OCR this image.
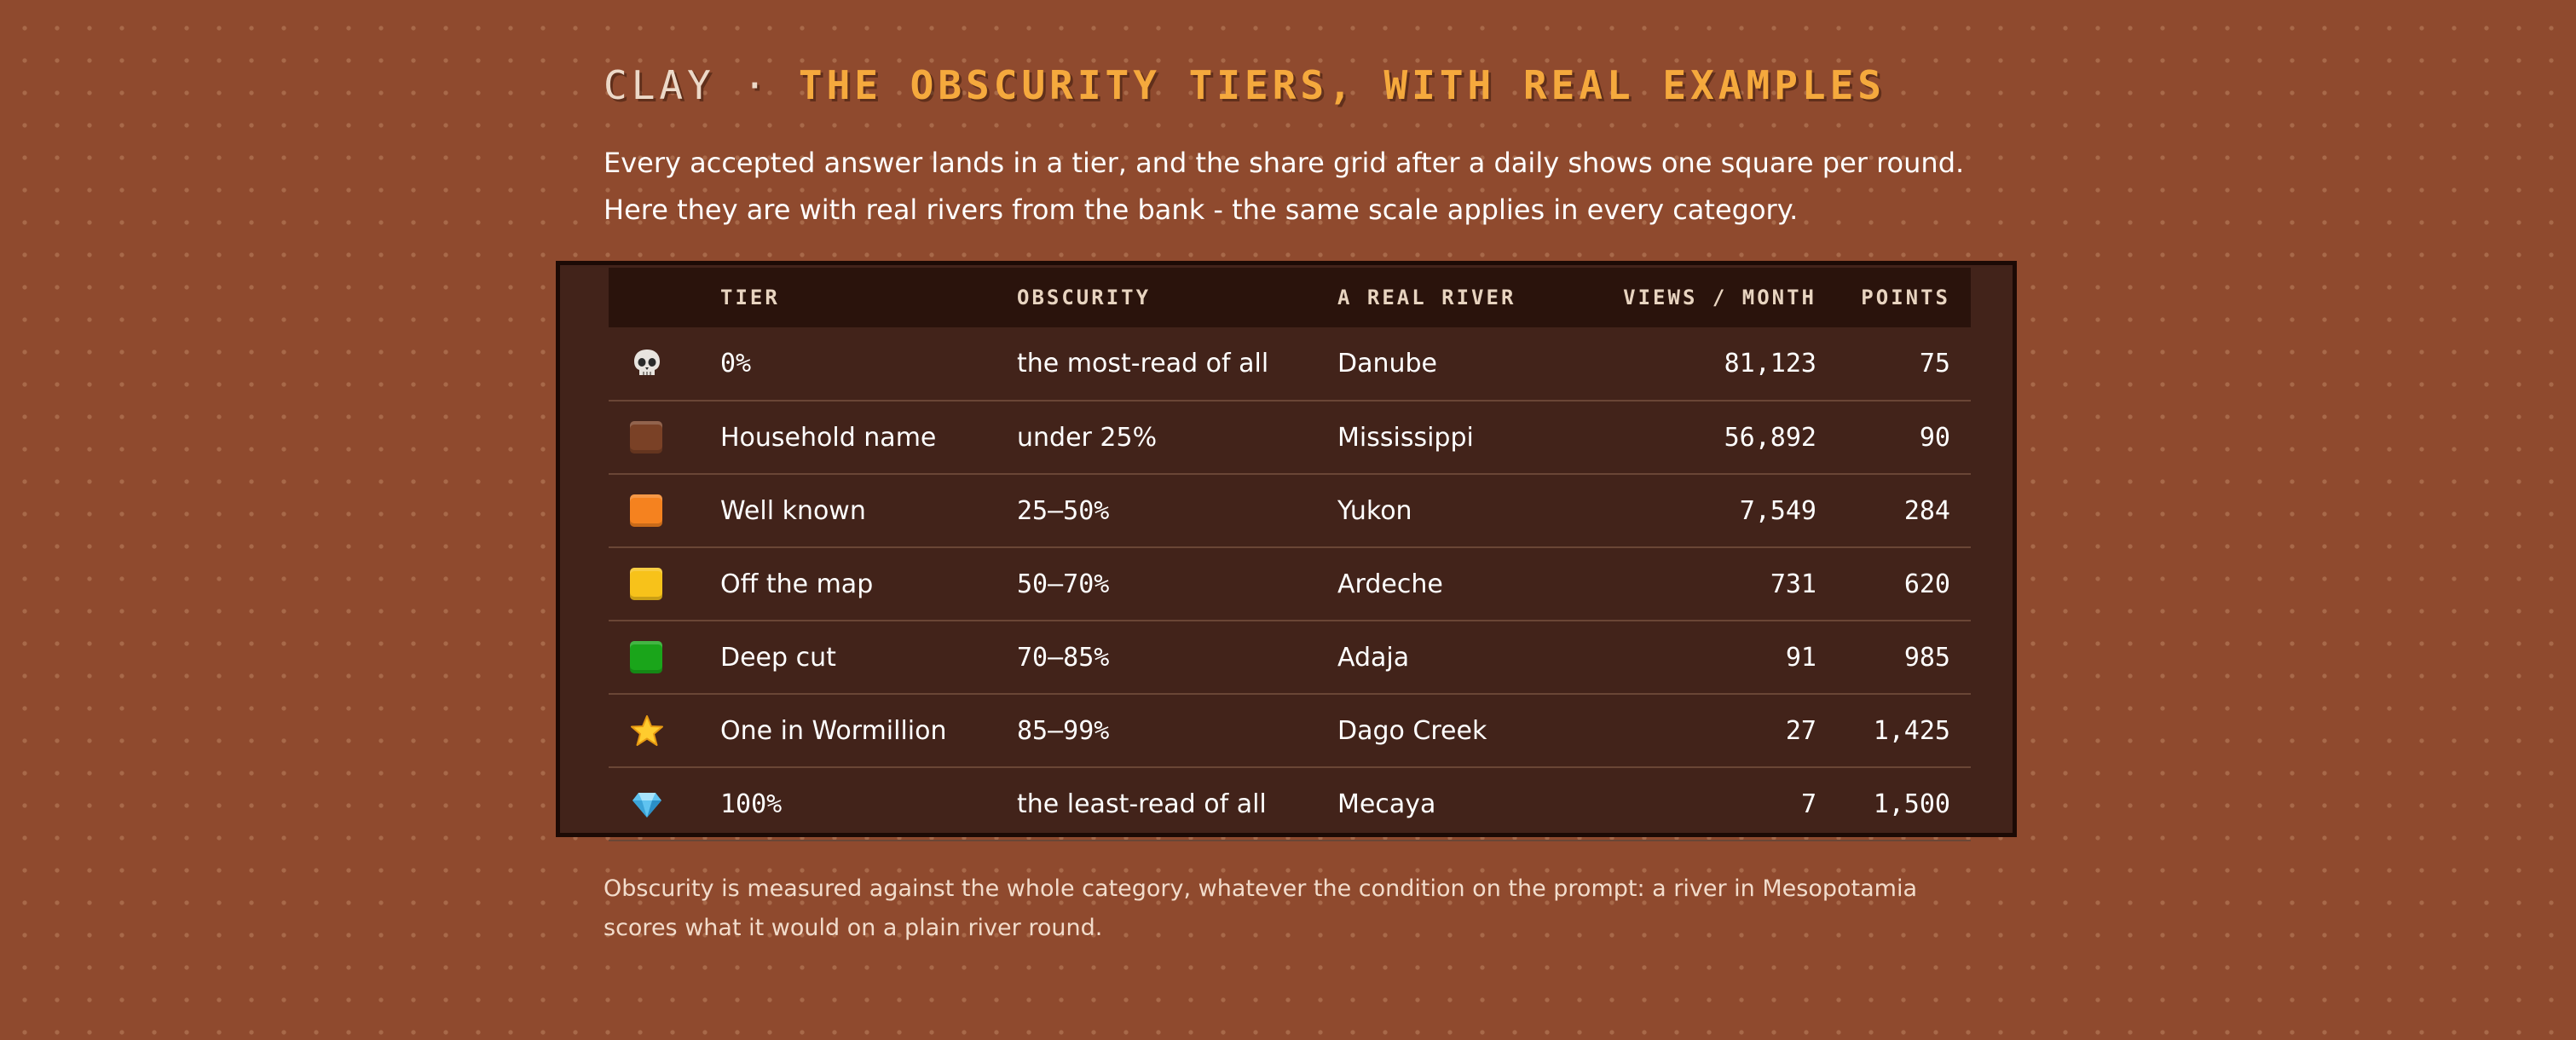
CLAY · THE OBSCURITY TIERS, WITH REAL EXAMPLES

Every accepted answer lands in a tier, and the share grid after a daily shows one square per round. Here they are with real rivers from the bank - the same scale applies in every category.

	TIER	OBSCURITY	A REAL RIVER	VIEWS / MONTH	POINTS
	0%	the most-read of all	Danube	81,123	75
	Household name	under 25%	Mississippi	56,892	90
	Well known	25–50%	Yukon	7,549	284
	Off the map	50–70%	Ardeche	731	620
	Deep cut	70–85%	Adaja	91	985
	One in Wormillion	85–99%	Dago Creek	27	1,425
	100%	the least-read of all	Mecaya	7	1,500

Obscurity is measured against the whole category, whatever the condition on the prompt: a river in Mesopotamia scores what it would on a plain river round.
